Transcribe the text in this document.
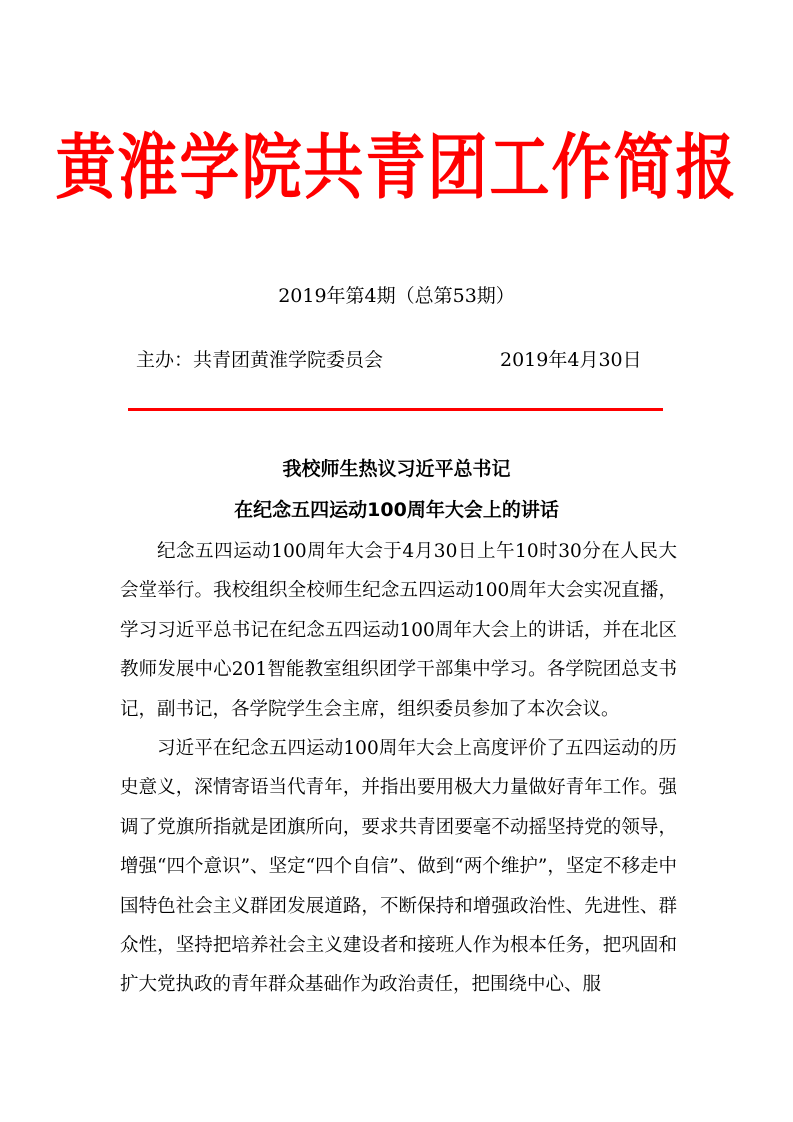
黄淮学院共青团工作简报
2019年第4期（总第53期）
主办：共青团黄淮学院委员会	2019年4月30日
我校师生热议习近平总书记
在纪念五四运动100周年大会上的讲话

纪念五四运动100周年大会于4月30日上午10时30分在人民大会堂举行。我校组织全校师生纪念五四运动100周年大会实况直播，学习习近平总书记在纪念五四运动100周年大会上的讲话，并在北区教师发展中心201智能教室组织团学干部集中学习。各学院团总支书记，副书记，各学院学生会主席，组织委员参加了本次会议。

习近平在纪念五四运动100周年大会上高度评价了五四运动的历史意义，深情寄语当代青年，并指出要用极大力量做好青年工作。强调了党旗所指就是团旗所向，要求共青团要毫不动摇坚持党的领导，增强“四个意识”、坚定“四个自信”、做到“两个维护”，坚定不移走中国特色社会主义群团发展道路，不断保持和增强政治性、先进性、群众性，坚持把培养社会主义建设者和接班人作为根本任务，把巩固和扩大党执政的青年群众基础作为政治责任，把围绕中心、服
